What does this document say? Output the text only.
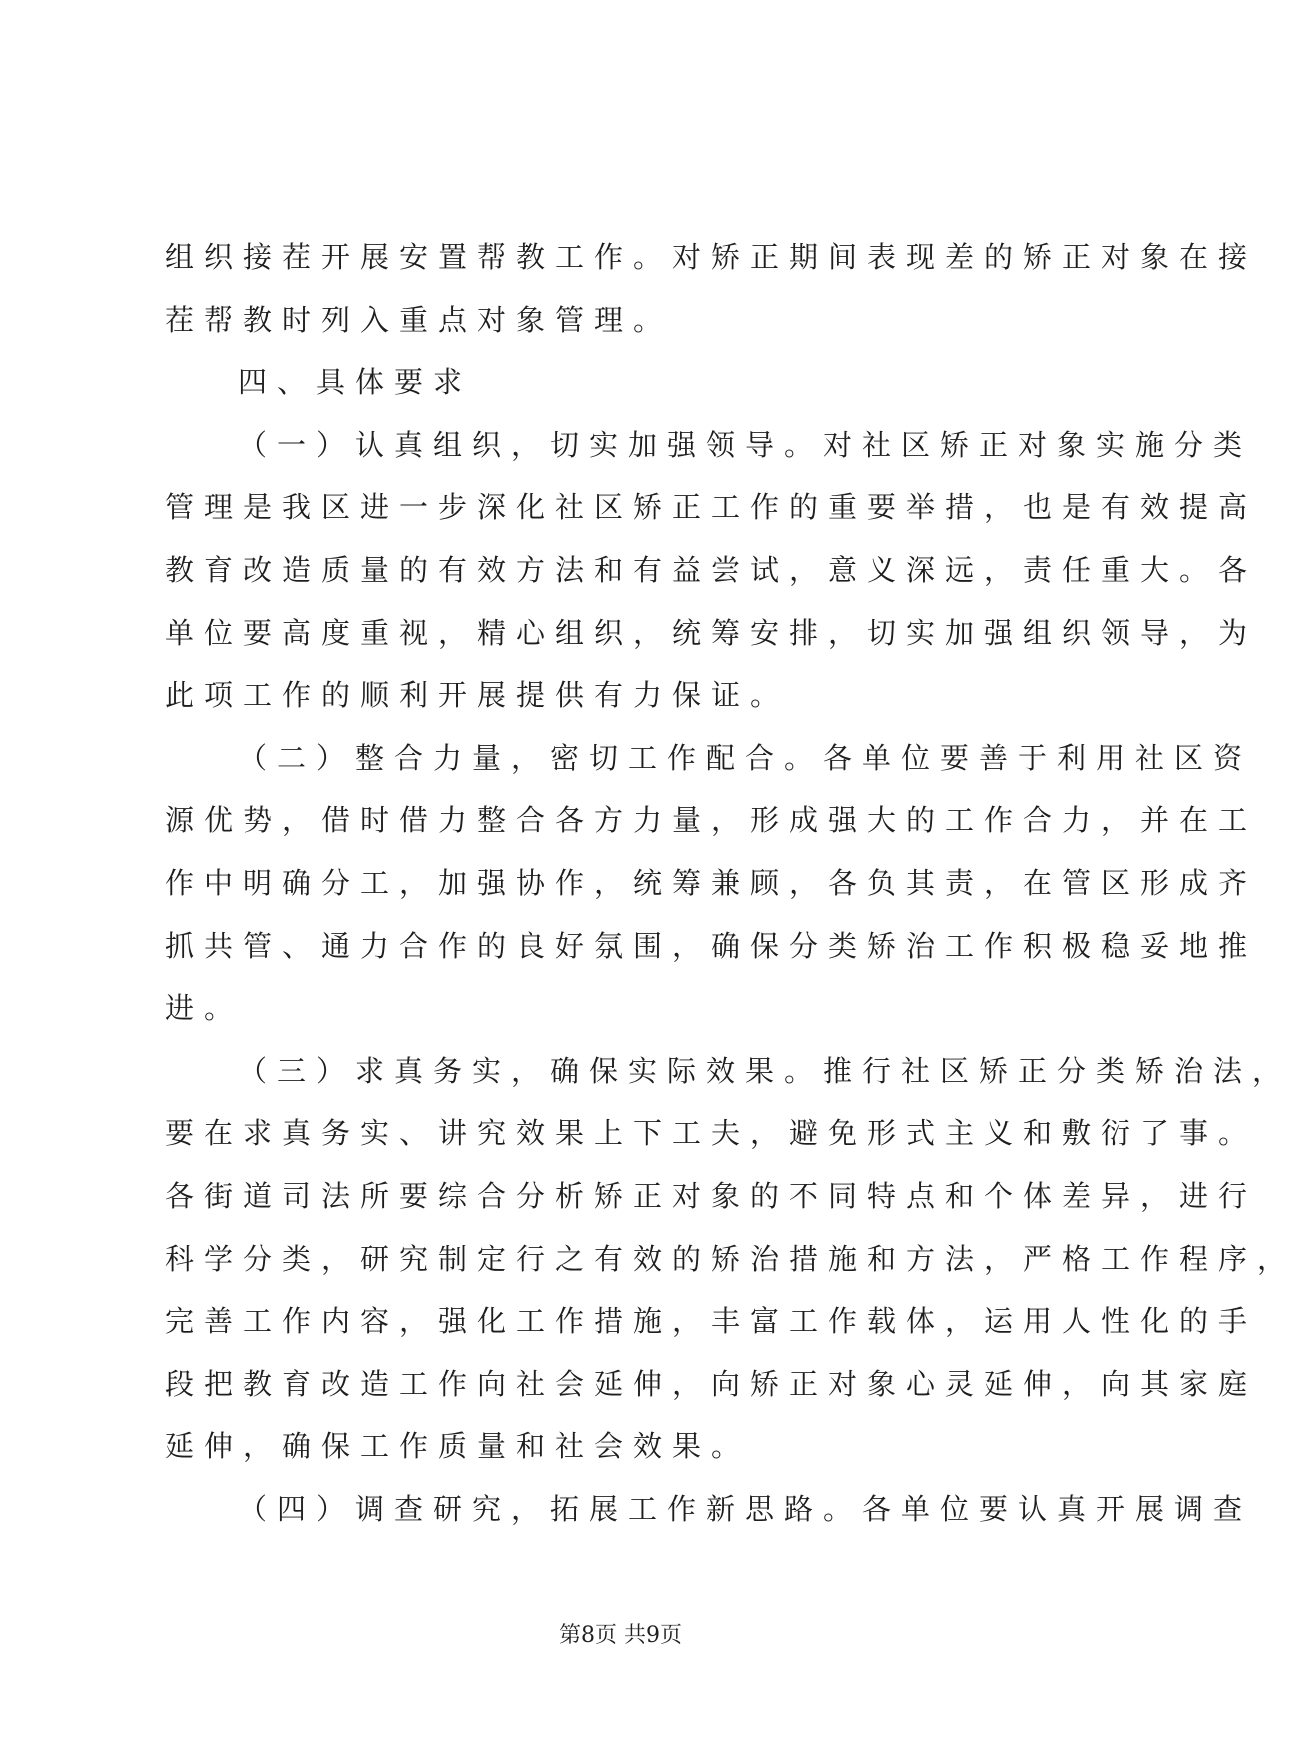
组织接茬开展安置帮教工作。对矫正期间表现差的矫正对象在接
茬帮教时列入重点对象管理。
四、具体要求
（一）认真组织，切实加强领导。对社区矫正对象实施分类
管理是我区进一步深化社区矫正工作的重要举措，也是有效提高
教育改造质量的有效方法和有益尝试，意义深远，责任重大。各
单位要高度重视，精心组织，统筹安排，切实加强组织领导，为
此项工作的顺利开展提供有力保证。
（二）整合力量，密切工作配合。各单位要善于利用社区资
源优势，借时借力整合各方力量，形成强大的工作合力，并在工
作中明确分工，加强协作，统筹兼顾，各负其责，在管区形成齐
抓共管、通力合作的良好氛围，确保分类矫治工作积极稳妥地推
进。
（三）求真务实，确保实际效果。推行社区矫正分类矫治法，
要在求真务实、讲究效果上下工夫，避免形式主义和敷衍了事。
各街道司法所要综合分析矫正对象的不同特点和个体差异，进行
科学分类，研究制定行之有效的矫治措施和方法，严格工作程序，
完善工作内容，强化工作措施，丰富工作载体，运用人性化的手
段把教育改造工作向社会延伸，向矫正对象心灵延伸，向其家庭
延伸，确保工作质量和社会效果。
（四）调查研究，拓展工作新思路。各单位要认真开展调查
第8页 共9页
